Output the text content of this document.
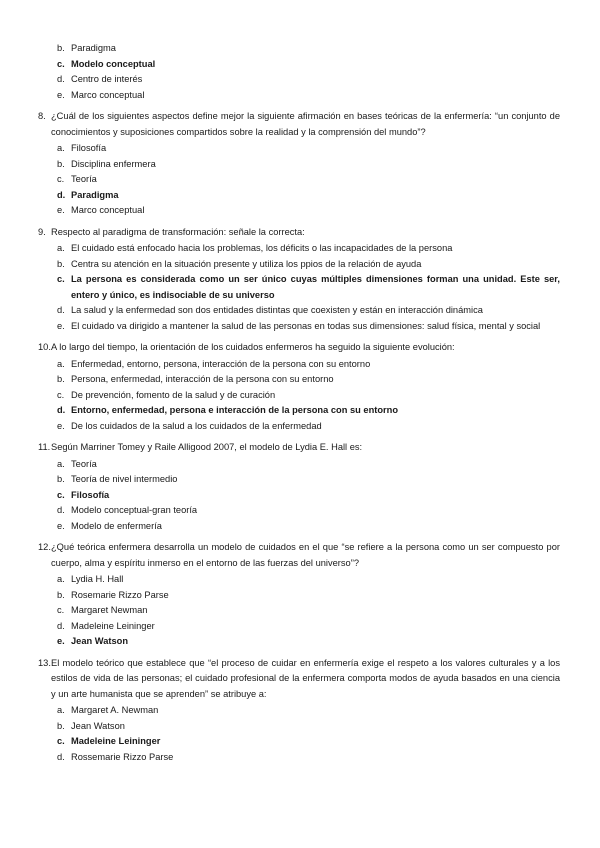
b. Paradigma
c. Modelo conceptual
d. Centro de interés
e. Marco conceptual
8. ¿Cuál de los siguientes aspectos define mejor la siguiente afirmación en bases teóricas de la enfermería: “un conjunto de conocimientos y suposiciones compartidos sobre la realidad y la comprensión del mundo”?
a. Filosofía
b. Disciplina enfermera
c. Teoría
d. Paradigma
e. Marco conceptual
9. Respecto al paradigma de transformación: señale la correcta:
a. El cuidado está enfocado hacia los problemas, los déficits o las incapacidades de la persona
b. Centra su atención en la situación presente y utiliza los ppios de la relación de ayuda
c. La persona es considerada como un ser único cuyas múltiples dimensiones forman una unidad. Este ser, entero y único, es indisociable de su universo
d. La salud y la enfermedad son dos entidades distintas que coexisten y están en interacción dinámica
e. El cuidado va dirigido a mantener la salud de las personas en todas sus dimensiones: salud física, mental y social
10.A lo largo del tiempo, la orientación de los cuidados enfermeros ha seguido la siguiente evolución:
a. Enfermedad, entorno, persona, interacción de la persona con su entorno
b. Persona, enfermedad, interacción de la persona con su entorno
c. De prevención, fomento de la salud y de curación
d. Entorno, enfermedad, persona e interacción de la persona con su entorno
e. De los cuidados de la salud a los cuidados de la enfermedad
11.Según Marriner Tomey y Raile Alligood 2007, el modelo de Lydia E. Hall es:
a. Teoría
b. Teoría de nivel intermedio
c. Filosofía
d. Modelo conceptual-gran teoría
e. Modelo de enfermería
12.¿Qué teórica enfermera desarrolla un modelo de cuidados en el que “se refiere a la persona como un ser compuesto por cuerpo, alma y espíritu inmerso en el entorno de las fuerzas del universo”?
a. Lydia H. Hall
b. Rosemarie Rizzo Parse
c. Margaret Newman
d. Madeleine Leininger
e. Jean Watson
13.El modelo teórico que establece que “el proceso de cuidar en enfermería exige el respeto a los valores culturales y a los estilos de vida de las personas; el cuidado profesional de la enfermera comporta modos de ayuda basados en una ciencia y un arte humanista que se aprenden” se atribuye a:
a. Margaret A. Newman
b. Jean Watson
c. Madeleine Leininger
d. Rossemarie Rizzo Parse
